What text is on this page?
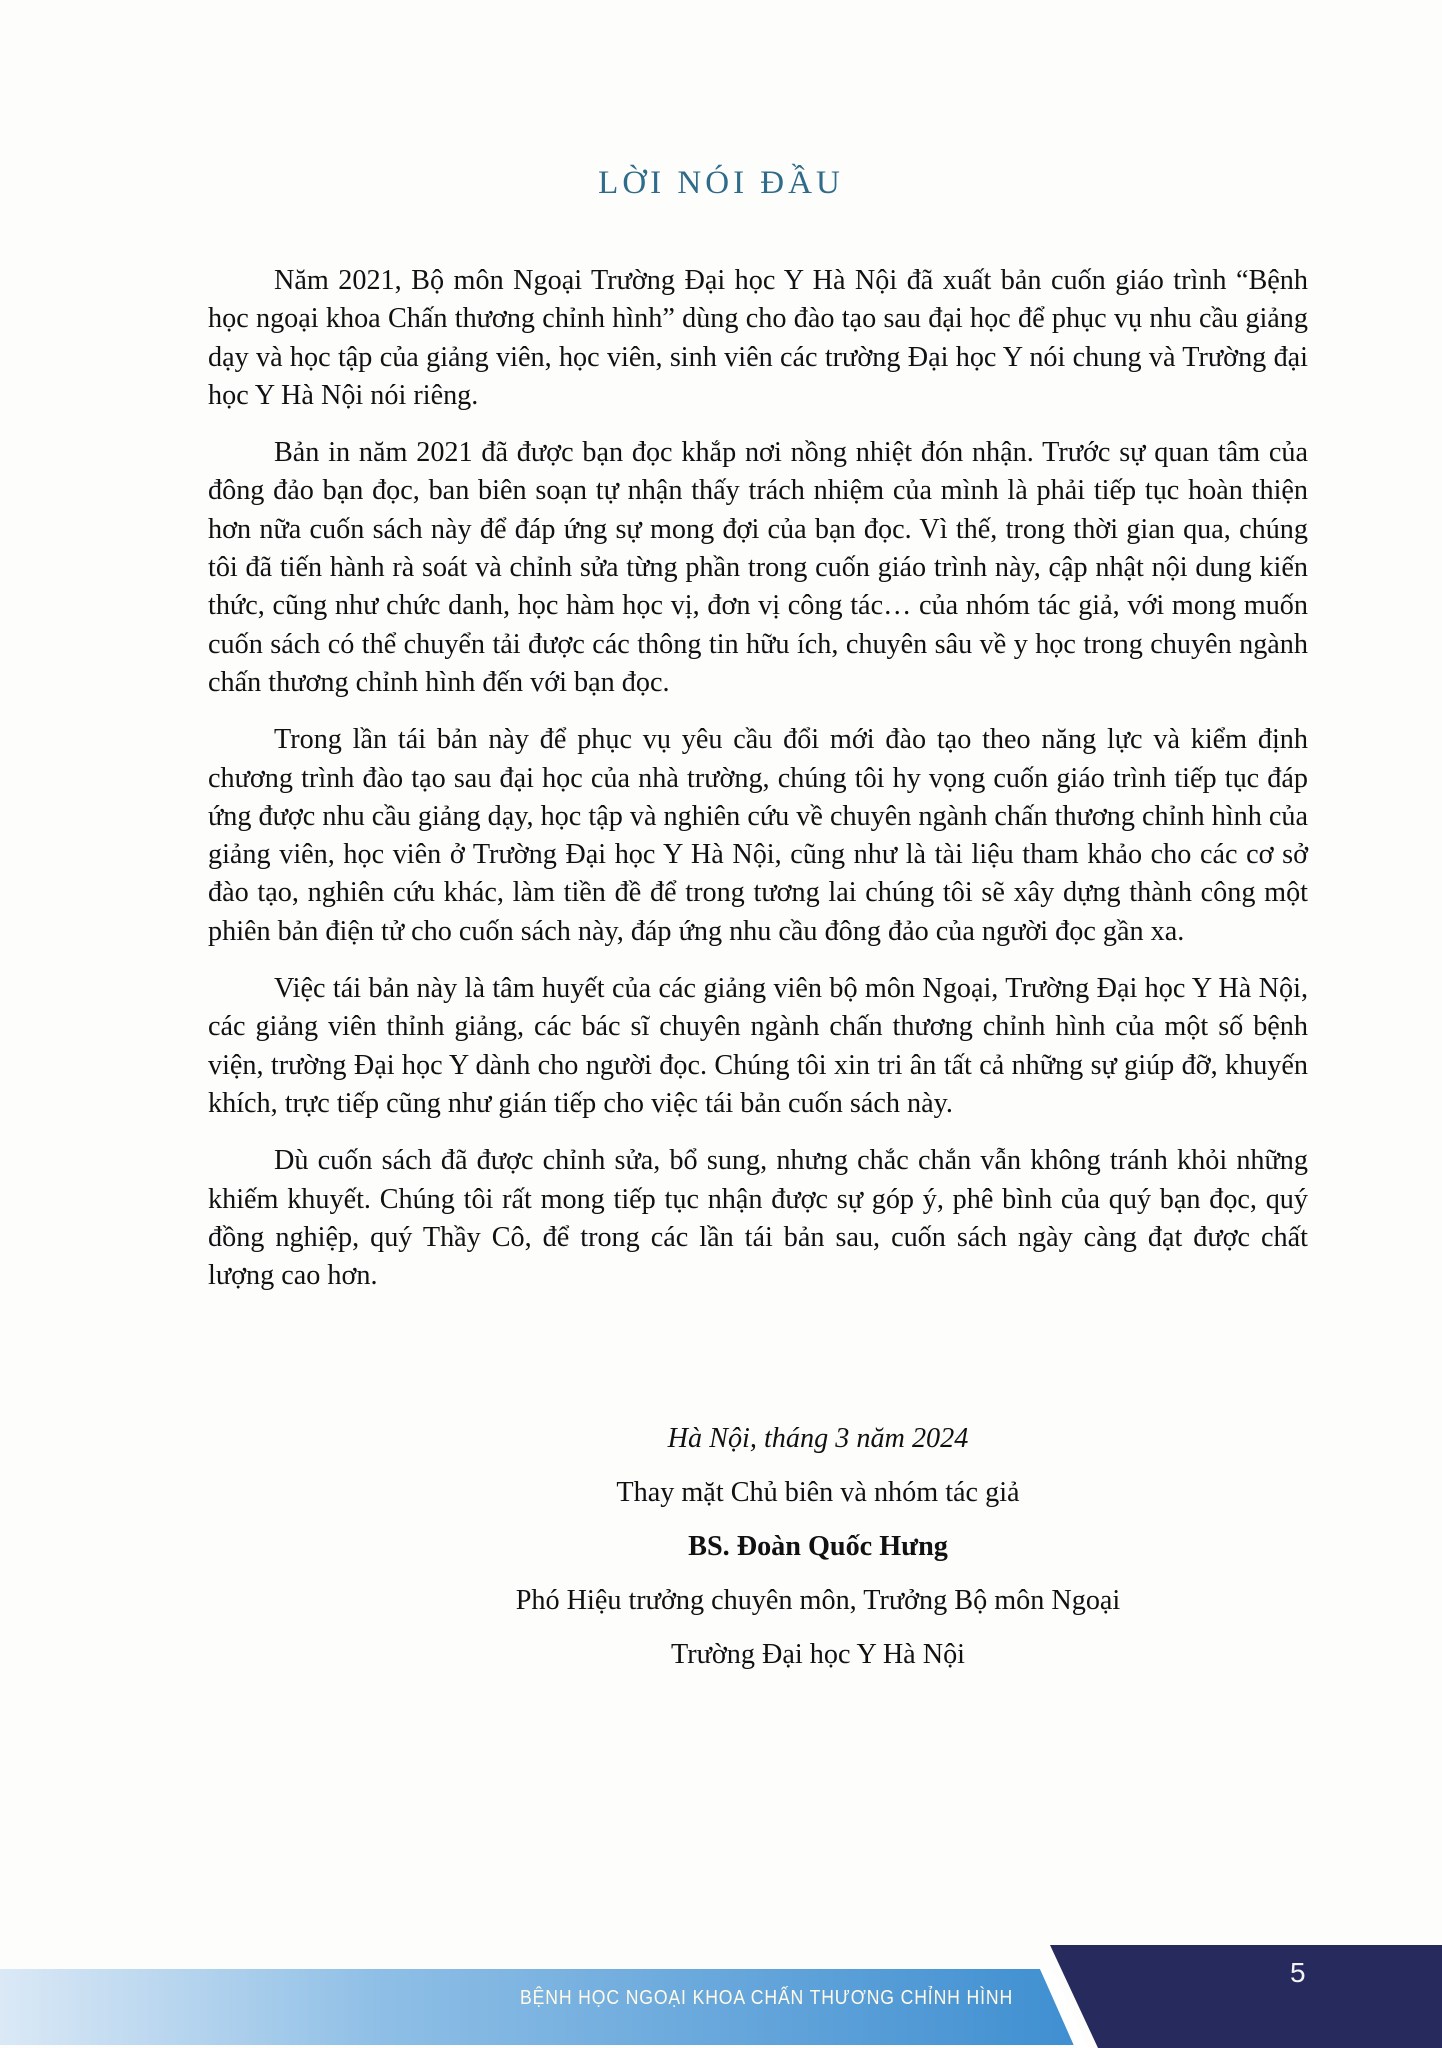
LỜI NÓI ĐẦU

Năm 2021, Bộ môn Ngoại Trường Đại học Y Hà Nội đã xuất bản cuốn giáo trình “Bệnh học ngoại khoa Chấn thương chỉnh hình” dùng cho đào tạo sau đại học để phục vụ nhu cầu giảng dạy và học tập của giảng viên, học viên, sinh viên các trường Đại học Y nói chung và Trường đại học Y Hà Nội nói riêng.

Bản in năm 2021 đã được bạn đọc khắp nơi nồng nhiệt đón nhận. Trước sự quan tâm của đông đảo bạn đọc, ban biên soạn tự nhận thấy trách nhiệm của mình là phải tiếp tục hoàn thiện hơn nữa cuốn sách này để đáp ứng sự mong đợi của bạn đọc. Vì thế, trong thời gian qua, chúng tôi đã tiến hành rà soát và chỉnh sửa từng phần trong cuốn giáo trình này, cập nhật nội dung kiến thức, cũng như chức danh, học hàm học vị, đơn vị công tác… của nhóm tác giả, với mong muốn cuốn sách có thể chuyển tải được các thông tin hữu ích, chuyên sâu về y học trong chuyên ngành chấn thương chỉnh hình đến với bạn đọc.

Trong lần tái bản này để phục vụ yêu cầu đổi mới đào tạo theo năng lực và kiểm định chương trình đào tạo sau đại học của nhà trường, chúng tôi hy vọng cuốn giáo trình tiếp tục đáp ứng được nhu cầu giảng dạy, học tập và nghiên cứu về chuyên ngành chấn thương chỉnh hình của giảng viên, học viên ở Trường Đại học Y Hà Nội, cũng như là tài liệu tham khảo cho các cơ sở đào tạo, nghiên cứu khác, làm tiền đề để trong tương lai chúng tôi sẽ xây dựng thành công một phiên bản điện tử cho cuốn sách này, đáp ứng nhu cầu đông đảo của người đọc gần xa.

Việc tái bản này là tâm huyết của các giảng viên bộ môn Ngoại, Trường Đại học Y Hà Nội, các giảng viên thỉnh giảng, các bác sĩ chuyên ngành chấn thương chỉnh hình của một số bệnh viện, trường Đại học Y dành cho người đọc. Chúng tôi xin tri ân tất cả những sự giúp đỡ, khuyến khích, trực tiếp cũng như gián tiếp cho việc tái bản cuốn sách này.

Dù cuốn sách đã được chỉnh sửa, bổ sung, nhưng chắc chắn vẫn không tránh khỏi những khiếm khuyết. Chúng tôi rất mong tiếp tục nhận được sự góp ý, phê bình của quý bạn đọc, quý đồng nghiệp, quý Thầy Cô, để trong các lần tái bản sau, cuốn sách ngày càng đạt được chất lượng cao hơn.

Hà Nội, tháng 3 năm 2024
Thay mặt Chủ biên và nhóm tác giả
BS. Đoàn Quốc Hưng
Phó Hiệu trưởng chuyên môn, Trưởng Bộ môn Ngoại
Trường Đại học Y Hà Nội
BỆNH HỌC NGOẠI KHOA CHẤN THƯƠNG CHỈNH HÌNH
5
